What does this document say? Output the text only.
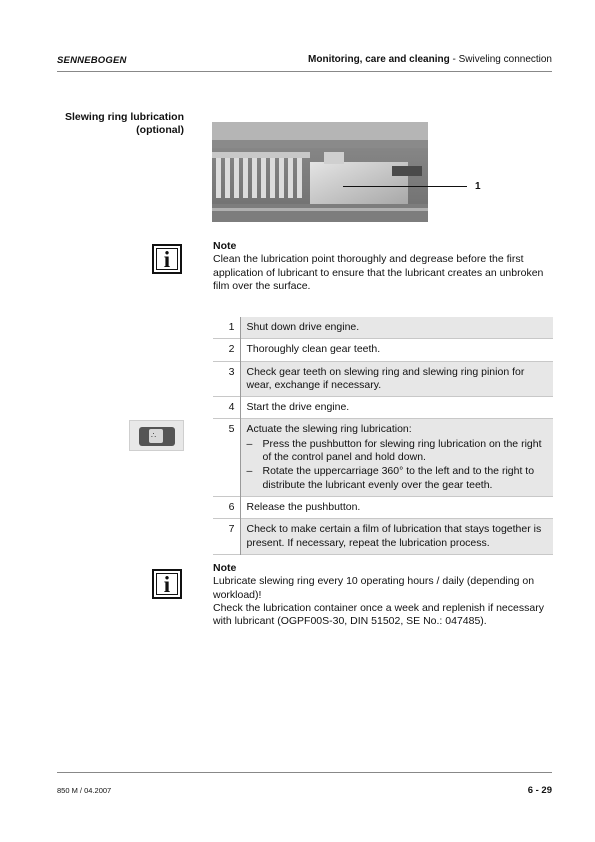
SENNEBOGEN	Monitoring, care and cleaning - Swiveling connection
Slewing ring lubrication
(optional)
1
i
Note
Clean the lubrication point thoroughly and degrease before the first application of lubricant to ensure that the lubricant creates an unbroken film over the surface.
1	Shut down drive engine.
2	Thoroughly clean gear teeth.
3	Check gear teeth on slewing ring and slewing ring pinion for wear, exchange if necessary.
4	Start the drive engine.
5	Actuate the slewing ring lubrication:
– Press the pushbutton for slewing ring lubrication on the right of the control panel and hold down.
– Rotate the uppercarriage 360° to the left and to the right to distribute the lubricant evenly over the gear teeth.

6	Release the pushbutton.
7	Check to make certain a film of lubrication that stays together is present. If necessary, repeat the lubrication process.
∴
i
Note
Lubricate slewing ring every 10 operating hours / daily (depending on workload)!
Check the lubrication container once a week and replenish if necessary with lubricant (OGPF00S-30, DIN 51502, SE No.: 047485).
850 M / 04.2007	6 - 29
